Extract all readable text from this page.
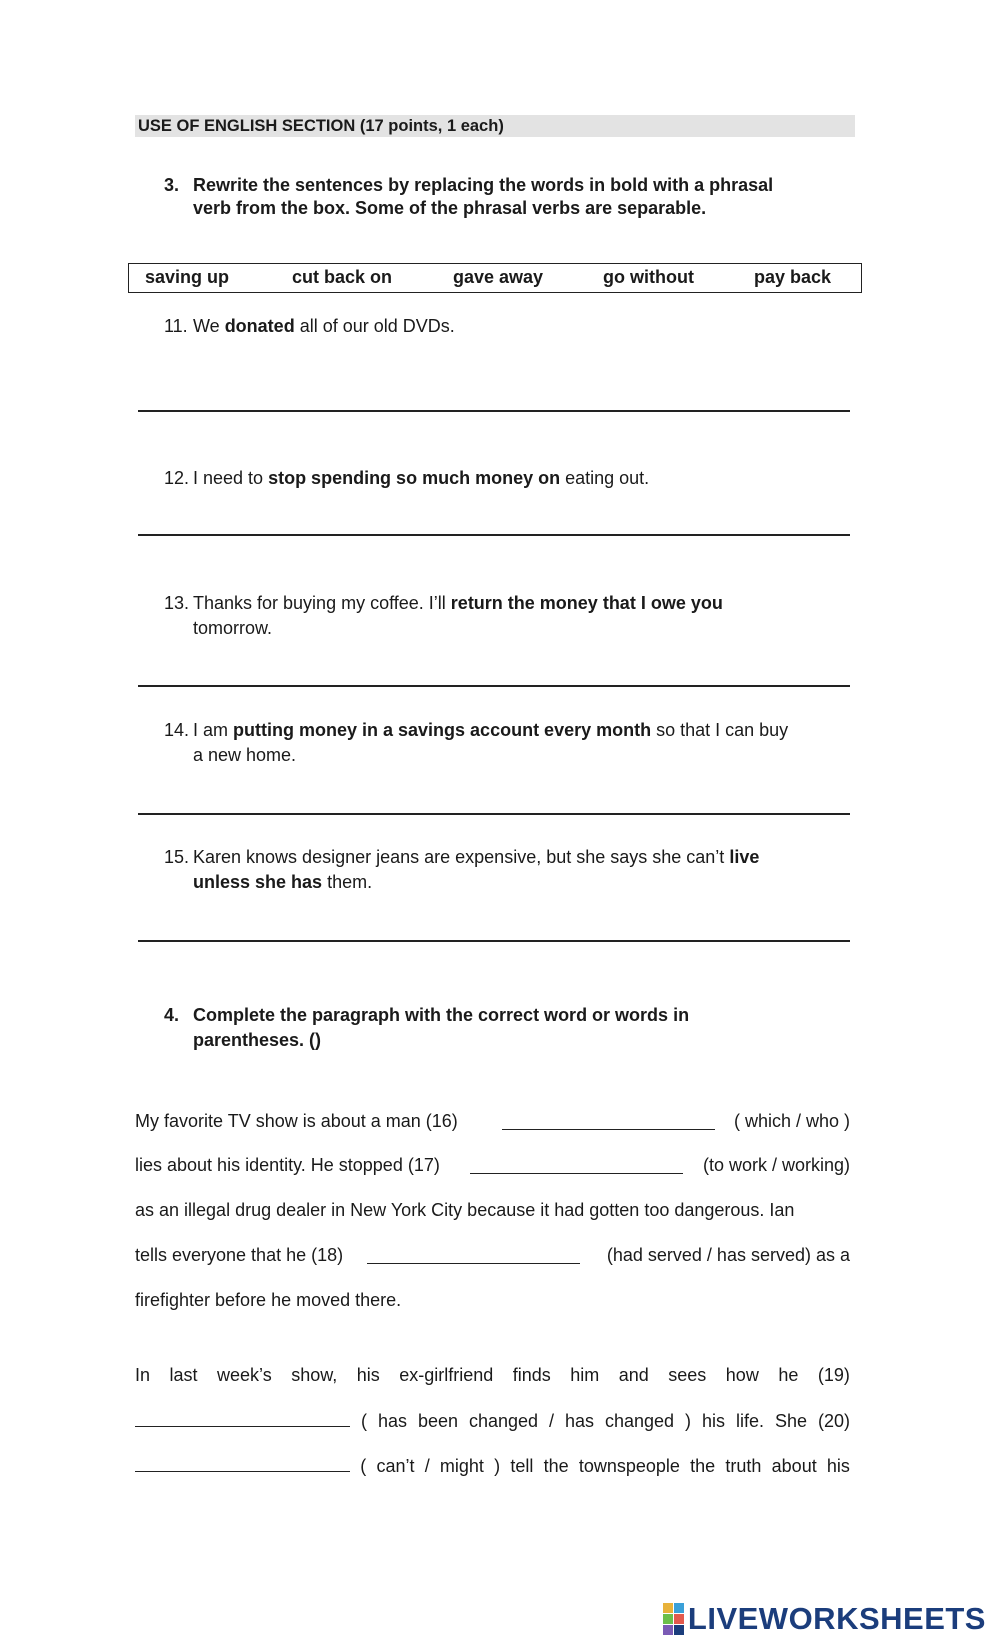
USE OF ENGLISH SECTION (17 points, 1 each)
3. Rewrite the sentences by replacing the words in bold with a phrasal
verb from the box. Some of the phrasal verbs are separable.
saving up	cut back on	gave away	go without	pay back
11. We donated all of our old DVDs.
12. I need to stop spending so much money on eating out.
13. Thanks for buying my coffee. I’ll return the money that I owe you
tomorrow.
14. I am putting money in a savings account every month so that I can buy
a new home.
15. Karen knows designer jeans are expensive, but she says she can’t live
unless she has them.
4. Complete the paragraph with the correct word or words in
parentheses. ()
My favorite TV show is about a man (16)	( which / who )
lies about his identity. He stopped (17)	(to work / working)
as an illegal drug dealer in New York City because it had gotten too dangerous. Ian
tells everyone that he (18)	(had served / has served) as a
firefighter before he moved there.
In last week’s show, his ex-girlfriend finds him and sees how he (19)
( has been changed / has changed ) his life. She (20)
( can’t / might ) tell the townspeople the truth about his
LIVEWORKSHEETS
